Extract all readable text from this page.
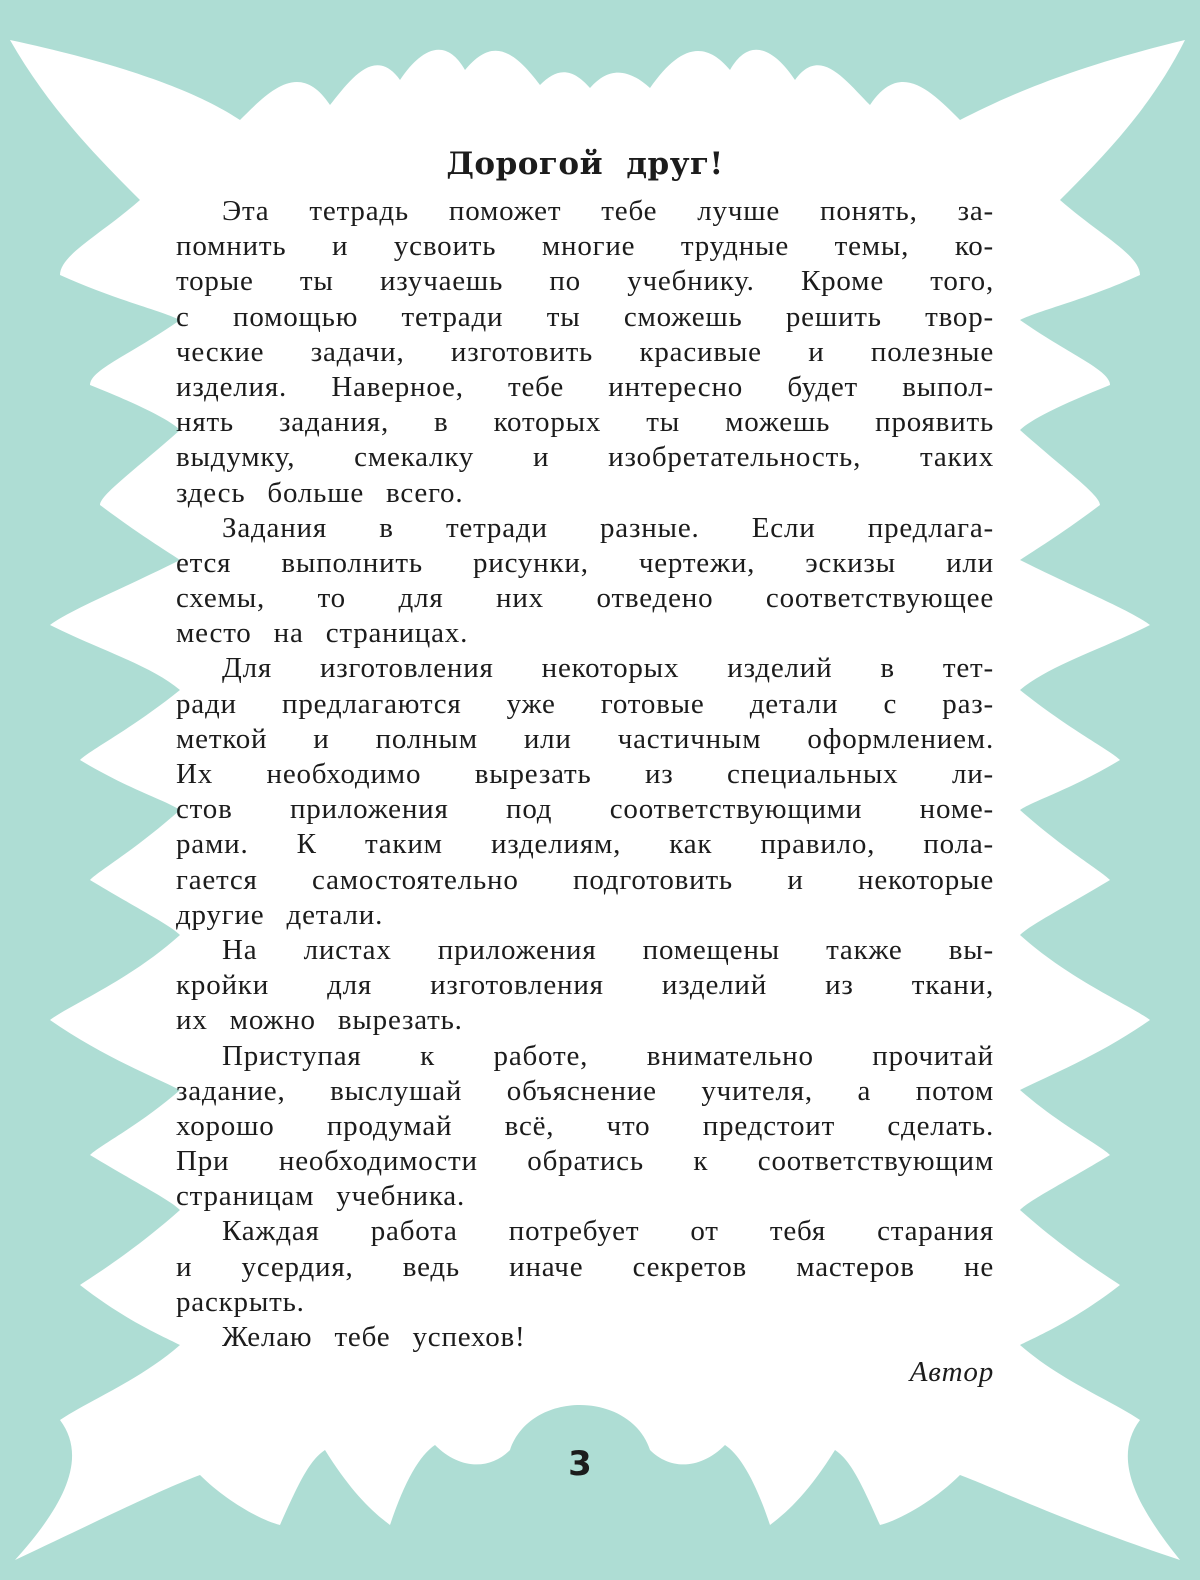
Дорогой друг!
Эта тетрадь поможет тебе лучше понять, за-
помнить и усвоить многие трудные темы, ко-
торые ты изучаешь по учебнику. Кроме того,
с помощью тетради ты сможешь решить твор-
ческие задачи, изготовить красивые и полезные
изделия. Наверное, тебе интересно будет выпол-
нять задания, в которых ты можешь проявить
выдумку, смекалку и изобретательность, таких
здесь больше всего.
Задания в тетради разные. Если предлага-
ется выполнить рисунки, чертежи, эскизы или
схемы, то для них отведено соответствующее
место на страницах.
Для изготовления некоторых изделий в тет-
ради предлагаются уже готовые детали с раз-
меткой и полным или частичным оформлением.
Их необходимо вырезать из специальных ли-
стов приложения под соответствующими номе-
рами. К таким изделиям, как правило, пола-
гается самостоятельно подготовить и некоторые
другие детали.
На листах приложения помещены также вы-
кройки для изготовления изделий из ткани,
их можно вырезать.
Приступая к работе, внимательно прочитай
задание, выслушай объяснение учителя, а потом
хорошо продумай всё, что предстоит сделать.
При необходимости обратись к соответствующим
страницам учебника.
Каждая работа потребует от тебя старания
и усердия, ведь иначе секретов мастеров не
раскрыть.
Желаю тебе успехов!
Автор
3
